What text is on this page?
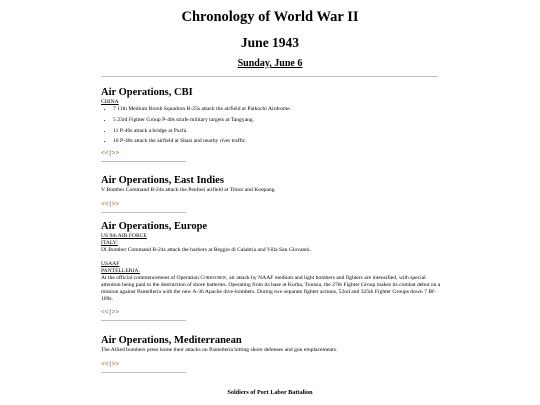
Chronology of World War II
June 1943
Sunday, June 6
Air Operations, CBI
CHINA
• 7 11th Medium Bomb Squadron B-25s attack the airfield at Paikochi Airdrome.
• 5 23rd Fighter Group P-40s strafe military targets at Tangyang.
• 11 P-40s attack a bridge at Puchi.
• 10 P-40s attack the airfield at Shasi and nearby river traffic.
<<|>>
Air Operations, East Indies
V Bomber Command B-24s attack the Penfoei airfield at Timor and Koepang.
<<|>>
Air Operations, Europe
US 9th AIR FORCE
ITALY:
IX Bomber Command B-24s attack the harbors at Reggio di Calabria and Villa San Giovanni.
USAAF
PANTELLERIA:
At the official commencement of Operation Corkscrew, air attack by NAAF medium and light bombers and fighters are intensified, with special attention being paid to the destruction of shore batteries. Operating from its base at Korba, Tunisia, the 27th Fighter Group makes its combat debut on a mission against Pantelleria with the new A-36 Apache dive-bombers. During two separate fighter actions, 52nd and 325th Fighter Groups down 7 Bf-109s.
<<|>>
Air Operations, Mediterranean
The Allied bombers press home their attacks on Pantelleria hitting shore defenses and gun emplacements.
<<|>>
Soldiers of Port Labor Battalion
